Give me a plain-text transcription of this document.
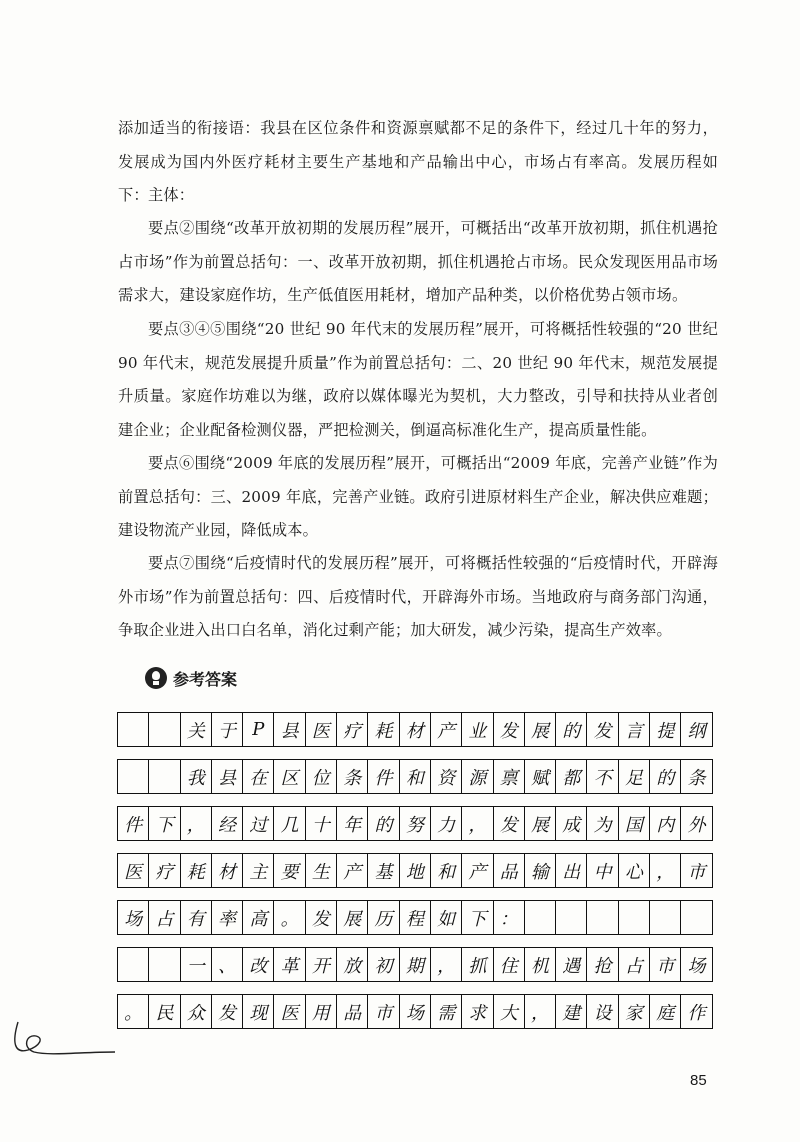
添加适当的衔接语：我县在区位条件和资源禀赋都不足的条件下，经过几十年的努力，发展成为国内外医疗耗材主要生产基地和产品输出中心，市场占有率高。发展历程如下： 主体：

要点②围绕“改革开放初期的发展历程”展开，可概括出“改革开放初期，抓住机遇抢占市场”作为前置总括句：一、改革开放初期，抓住机遇抢占市场。民众发现医用品市场需求大，建设家庭作坊，生产低值医用耗材，增加产品种类，以价格优势占领市场。

要点③④⑤围绕“20 世纪 90 年代末的发展历程”展开，可将概括性较强的“20 世纪 90 年代末，规范发展提升质量”作为前置总括句：二、20 世纪 90 年代末，规范发展提升质量。家庭作坊难以为继，政府以媒体曝光为契机，大力整改，引导和扶持从业者创建企业；企业配备检测仪器，严把检测关，倒逼高标准化生产，提高质量性能。

要点⑥围绕“2009 年底的发展历程”展开，可概括出“2009 年底，完善产业链”作为前置总括句：三、2009 年底，完善产业链。政府引进原材料生产企业，解决供应难题；建设物流产业园，降低成本。

要点⑦围绕“后疫情时代的发展历程”展开，可将概括性较强的“后疫情时代，开辟海外市场”作为前置总括句：四、后疫情时代，开辟海外市场。当地政府与商务部门沟通，争取企业进入出口白名单，消化过剩产能；加大研发，减少污染，提高生产效率。

参考答案
关 于 P 县 医 疗 耗 材 产 业 发 展 的 发 言 提 纲
我 县 在 区 位 条 件 和 资 源 禀 赋 都 不 足 的 条
件 下 ， 经 过 几 十 年 的 努 力 ， 发 展 成 为 国 内 外
医 疗 耗 材 主 要 生 产 基 地 和 产 品 输 出 中 心 ， 市
场 占 有 率 高 。 发 展 历 程 如 下 ：
一 、 改 革 开 放 初 期 ， 抓 住 机 遇 抢 占 市 场
。 民 众 发 现 医 用 品 市 场 需 求 大 ， 建 设 家 庭 作
85
